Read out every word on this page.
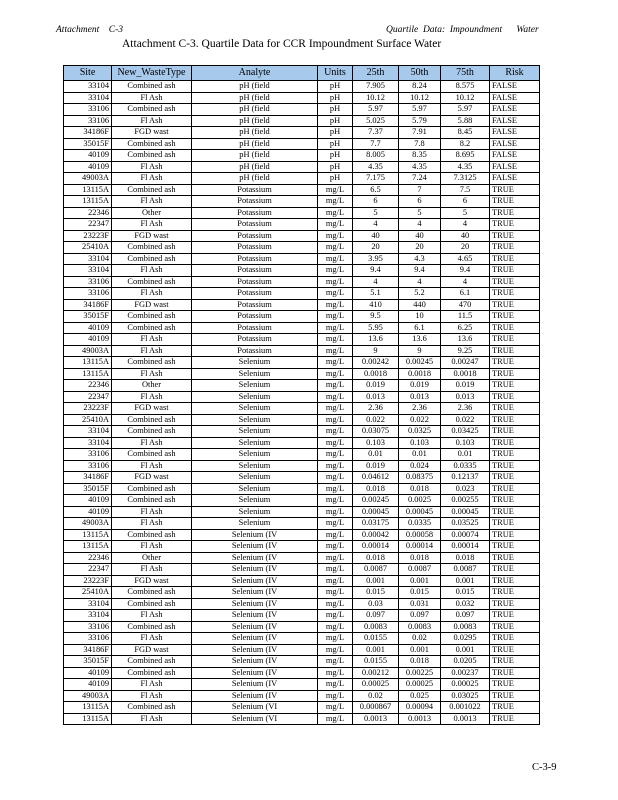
Attachment    C-3	Quartile  Data:  Impoundment      Water
Attachment C-3. Quartile Data for CCR Impoundment Surface Water
Site	New_WasteType	Analyte	Units	25th	50th	75th	Risk
33104	Combined ash	pH (field	pH	7.905	8.24	8.575	FALSE
33104	Fl Ash	pH (field	pH	10.12	10.12	10.12	FALSE
33106	Combined ash	pH (field	pH	5.97	5.97	5.97	FALSE
33106	Fl Ash	pH (field	pH	5.025	5.79	5.88	FALSE
34186F	FGD wast	pH (field	pH	7.37	7.91	8.45	FALSE
35015F	Combined ash	pH (field	pH	7.7	7.8	8.2	FALSE
40109	Combined ash	pH (field	pH	8.005	8.35	8.695	FALSE
40109	Fl Ash	pH (field	pH	4.35	4.35	4.35	FALSE
49003A	Fl Ash	pH (field	pH	7.175	7.24	7.3125	FALSE
13115A	Combined ash	Potassium	mg/L	6.5	7	7.5	TRUE
13115A	Fl Ash	Potassium	mg/L	6	6	6	TRUE
22346	Other	Potassium	mg/L	5	5	5	TRUE
22347	Fl Ash	Potassium	mg/L	4	4	4	TRUE
23223F	FGD wast	Potassium	mg/L	40	40	40	TRUE
25410A	Combined ash	Potassium	mg/L	20	20	20	TRUE
33104	Combined ash	Potassium	mg/L	3.95	4.3	4.65	TRUE
33104	Fl Ash	Potassium	mg/L	9.4	9.4	9.4	TRUE
33106	Combined ash	Potassium	mg/L	4	4	4	TRUE
33106	Fl Ash	Potassium	mg/L	5.1	5.2	6.1	TRUE
34186F	FGD wast	Potassium	mg/L	410	440	470	TRUE
35015F	Combined ash	Potassium	mg/L	9.5	10	11.5	TRUE
40109	Combined ash	Potassium	mg/L	5.95	6.1	6.25	TRUE
40109	Fl Ash	Potassium	mg/L	13.6	13.6	13.6	TRUE
49003A	Fl Ash	Potassium	mg/L	9	9	9.25	TRUE
13115A	Combined ash	Selenium	mg/L	0.00242	0.00245	0.00247	TRUE
13115A	Fl Ash	Selenium	mg/L	0.0018	0.0018	0.0018	TRUE
22346	Other	Selenium	mg/L	0.019	0.019	0.019	TRUE
22347	Fl Ash	Selenium	mg/L	0.013	0.013	0.013	TRUE
23223F	FGD wast	Selenium	mg/L	2.36	2.36	2.36	TRUE
25410A	Combined ash	Selenium	mg/L	0.022	0.022	0.022	TRUE
33104	Combined ash	Selenium	mg/L	0.03075	0.0325	0.03425	TRUE
33104	Fl Ash	Selenium	mg/L	0.103	0.103	0.103	TRUE
33106	Combined ash	Selenium	mg/L	0.01	0.01	0.01	TRUE
33106	Fl Ash	Selenium	mg/L	0.019	0.024	0.0335	TRUE
34186F	FGD wast	Selenium	mg/L	0.04612	0.08375	0.12137	TRUE
35015F	Combined ash	Selenium	mg/L	0.018	0.018	0.023	TRUE
40109	Combined ash	Selenium	mg/L	0.00245	0.0025	0.00255	TRUE
40109	Fl Ash	Selenium	mg/L	0.00045	0.00045	0.00045	TRUE
49003A	Fl Ash	Selenium	mg/L	0.03175	0.0335	0.03525	TRUE
13115A	Combined ash	Selenium (IV	mg/L	0.00042	0.00058	0.00074	TRUE
13115A	Fl Ash	Selenium (IV	mg/L	0.00014	0.00014	0.00014	TRUE
22346	Other	Selenium (IV	mg/L	0.018	0.018	0.018	TRUE
22347	Fl Ash	Selenium (IV	mg/L	0.0087	0.0087	0.0087	TRUE
23223F	FGD wast	Selenium (IV	mg/L	0.001	0.001	0.001	TRUE
25410A	Combined ash	Selenium (IV	mg/L	0.015	0.015	0.015	TRUE
33104	Combined ash	Selenium (IV	mg/L	0.03	0.031	0.032	TRUE
33104	Fl Ash	Selenium (IV	mg/L	0.097	0.097	0.097	TRUE
33106	Combined ash	Selenium (IV	mg/L	0.0083	0.0083	0.0083	TRUE
33106	Fl Ash	Selenium (IV	mg/L	0.0155	0.02	0.0295	TRUE
34186F	FGD wast	Selenium (IV	mg/L	0.001	0.001	0.001	TRUE
35015F	Combined ash	Selenium (IV	mg/L	0.0155	0.018	0.0205	TRUE
40109	Combined ash	Selenium (IV	mg/L	0.00212	0.00225	0.00237	TRUE
40109	Fl Ash	Selenium (IV	mg/L	0.00025	0.00025	0.00025	TRUE
49003A	Fl Ash	Selenium (IV	mg/L	0.02	0.025	0.03025	TRUE
13115A	Combined ash	Selenium (VI	mg/L	0.000867	0.00094	0.001022	TRUE
13115A	Fl Ash	Selenium (VI	mg/L	0.0013	0.0013	0.0013	TRUE
C-3-9
